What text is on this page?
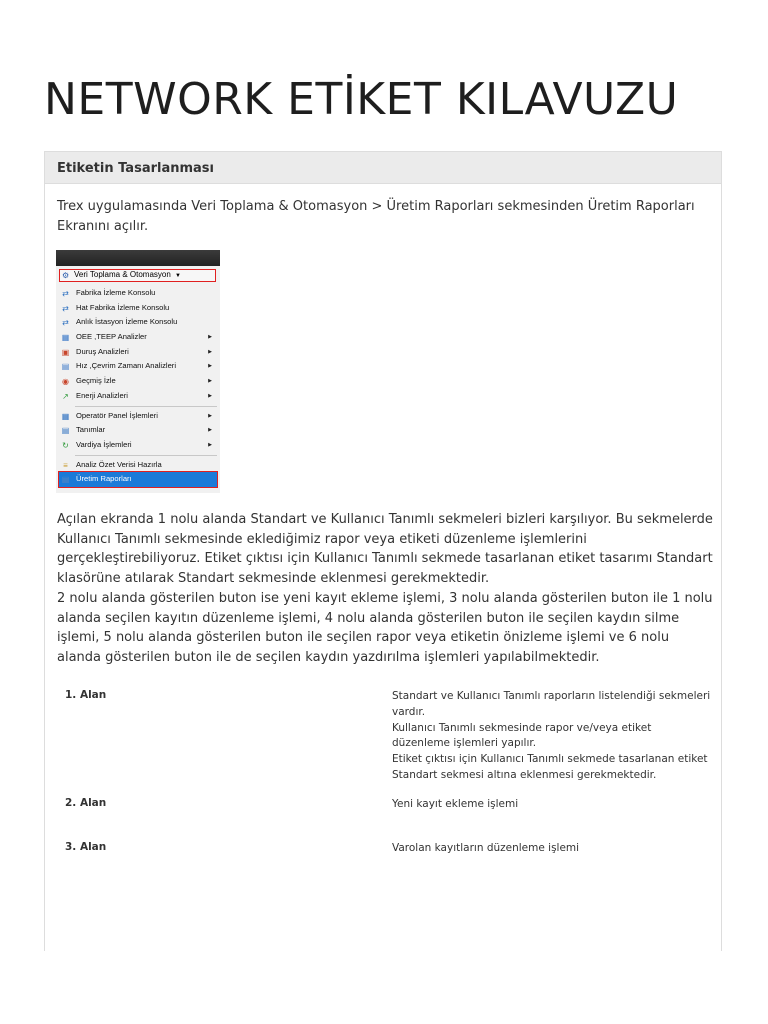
NETWORK ETİKET KILAVUZU
Etiketin Tasarlanması

Trex uygulamasında Veri Toplama & Otomasyon > Üretim Raporları sekmesinden Üretim Raporları Ekranını açılır.

⚙ Veri Toplama & Otomasyon ▼
⇄ Fabrika İzleme Konsolu
⇄ Hat Fabrika İzleme Konsolu
⇄ Anlık İstasyon İzleme Konsolu
▦ OEE ,TEEP Analizler	▶
▣ Duruş Analizleri	▶
▤ Hız ,Çevrim Zamanı Analizleri	▶
◉ Geçmiş İzle	▶
↗ Enerji Analizleri	▶
▦ Operatör Panel İşlemleri	▶
▤ Tanımlar	▶
↻ Vardiya İşlemleri	▶
≡ Analiz Özet Verisi Hazırla
▤ Üretim Raporları
Açılan ekranda 1 nolu alanda Standart ve Kullanıcı Tanımlı sekmeleri bizleri karşılıyor. Bu sekmelerde Kullanıcı Tanımlı sekmesinde eklediğimiz rapor veya etiketi düzenleme işlemlerini gerçekleştirebiliyoruz. Etiket çıktısı için Kullanıcı Tanımlı sekmede tasarlanan etiket tasarımı Standart klasörüne atılarak Standart sekmesinde eklenmesi gerekmektedir.
2 nolu alanda gösterilen buton ise yeni kayıt ekleme işlemi, 3 nolu alanda gösterilen buton ile 1 nolu alanda seçilen kayıtın düzenleme işlemi, 4 nolu alanda gösterilen buton ile seçilen kaydın silme işlemi, 5 nolu alanda gösterilen buton ile seçilen rapor veya etiketin önizleme işlemi ve 6 nolu alanda gösterilen buton ile de seçilen kaydın yazdırılma işlemleri yapılabilmektedir.
1. Alan	Standart ve Kullanıcı Tanımlı raporların listelendiği sekmeleri vardır.
Kullanıcı Tanımlı sekmesinde rapor ve/veya etiket düzenleme işlemleri yapılır.
Etiket çıktısı için Kullanıcı Tanımlı sekmede tasarlanan etiket Standart sekmesi altına eklenmesi gerekmektedir.
2. Alan	Yeni kayıt ekleme işlemi
3. Alan	Varolan kayıtların düzenleme işlemi
